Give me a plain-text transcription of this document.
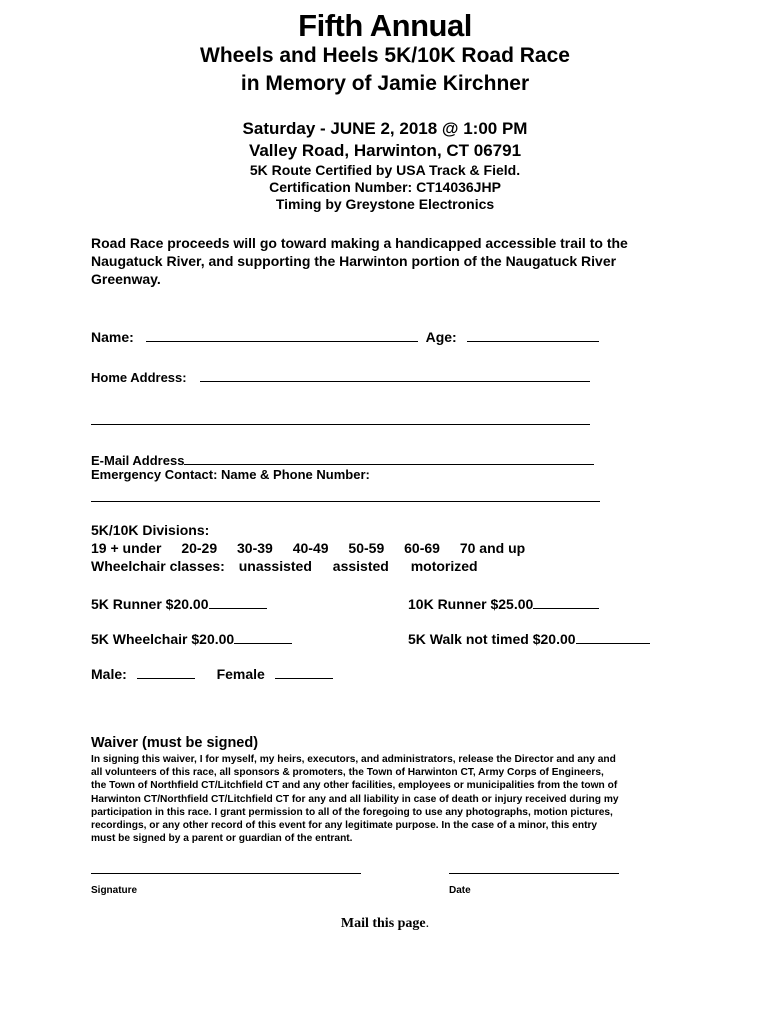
Fifth Annual
Wheels and Heels 5K/10K Road Race
in Memory of Jamie Kirchner
Saturday - JUNE 2, 2018 @ 1:00 PM
Valley Road, Harwinton, CT 06791
5K Route Certified by USA Track & Field.
Certification Number: CT14036JHP
Timing by Greystone Electronics
Road Race proceeds will go toward making a handicapped accessible trail to the
Naugatuck River, and supporting the Harwinton portion of the Naugatuck River
Greenway.
Name:	Age:
Home Address:
E-Mail Address
Emergency Contact: Name & Phone Number:
5K/10K Divisions:
19 + under 20-29 30-39 40-49 50-59 60-69 70 and up
Wheelchair classes: unassisted assisted motorized
5K Runner $20.00	10K Runner $25.00
5K Wheelchair $20.00	5K Walk not timed $20.00
Male:	Female
Waiver (must be signed)
In signing this waiver, I for myself, my heirs, executors, and administrators, release the Director and any and
all volunteers of this race, all sponsors & promoters, the Town of Harwinton CT, Army Corps of Engineers,
the Town of Northfield CT/Litchfield CT and any other facilities, employees or municipalities from the town of
Harwinton CT/Northfield CT/Litchfield CT for any and all liability in case of death or injury received during my
participation in this race. I grant permission to all of the foregoing to use any photographs, motion pictures,
recordings, or any other record of this event for any legitimate purpose. In the case of a minor, this entry
must be signed by a parent or guardian of the entrant.
Signature	Date
Mail this page.
